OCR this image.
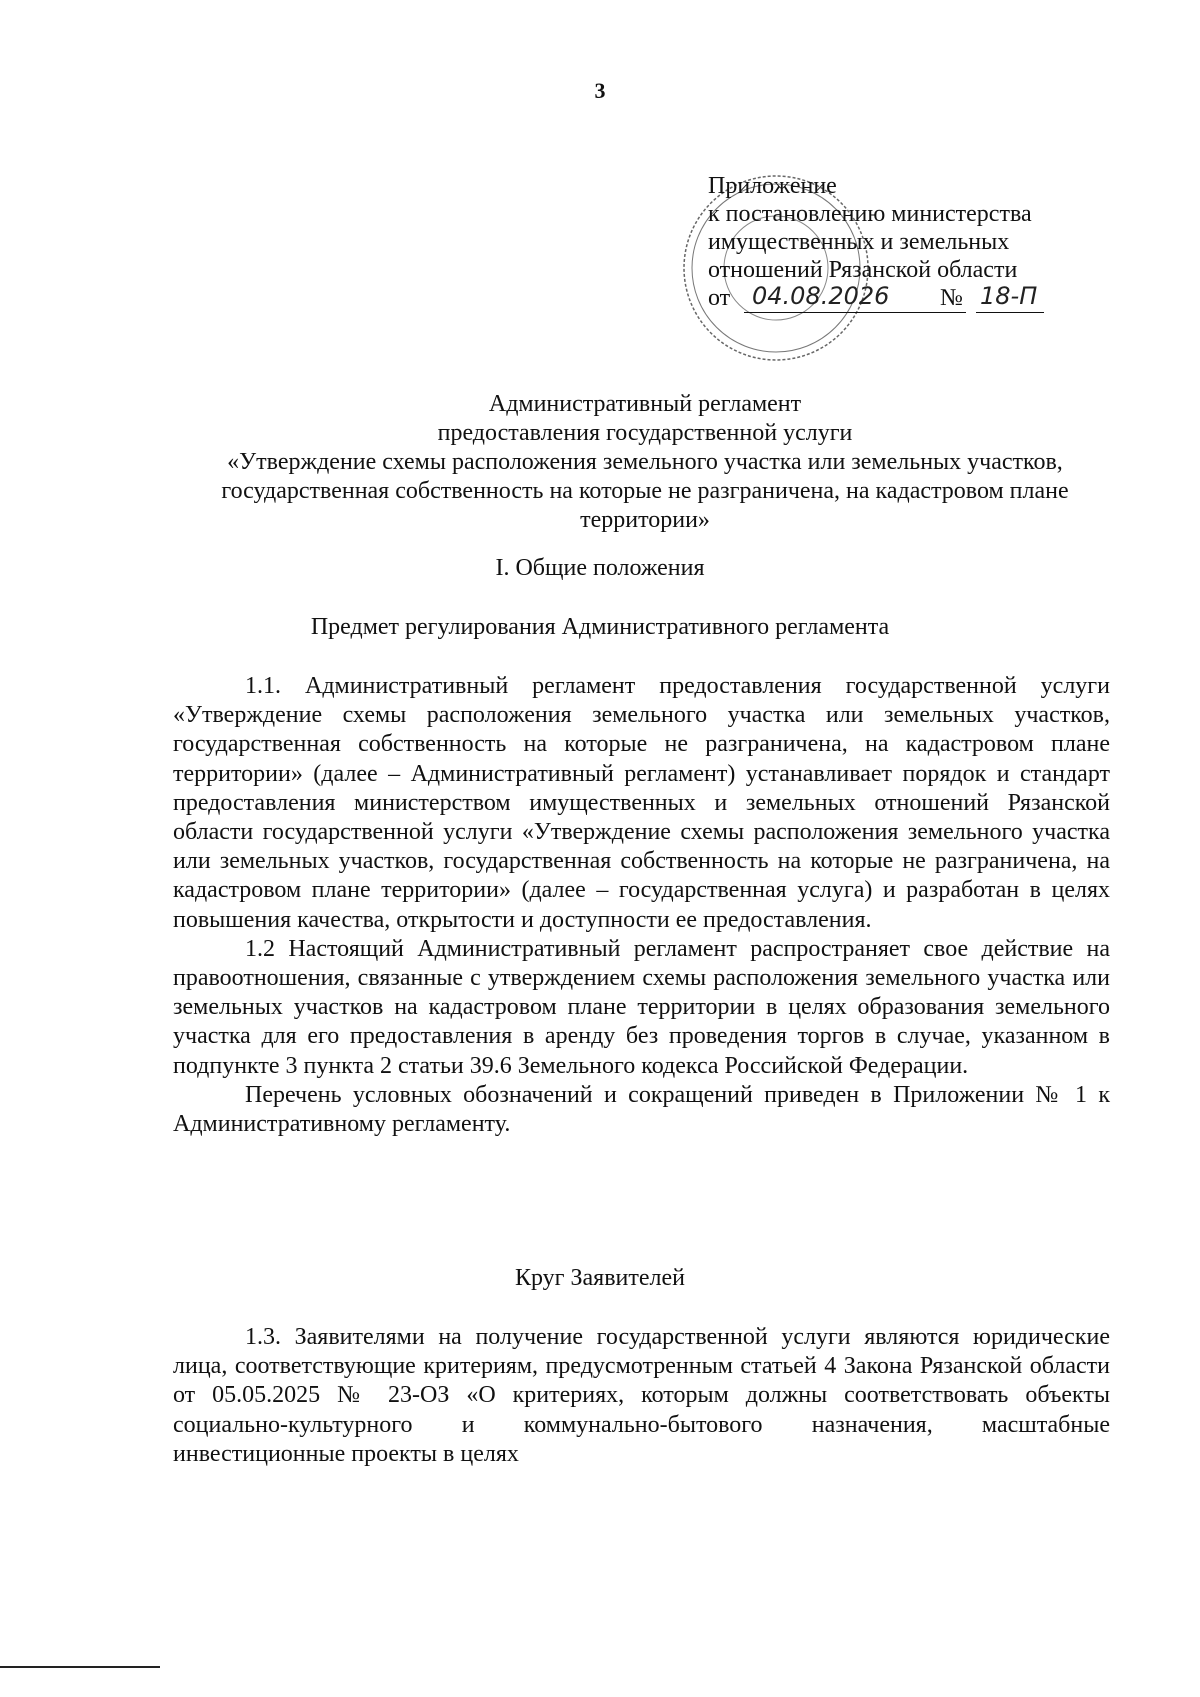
3
Приложение
к постановлению министерства
имущественных и земельных
отношений Рязанской области
от 04.08.2026 № 18-П
Административный регламент
предоставления государственной услуги
«Утверждение схемы расположения земельного участка или земельных участков, государственная собственность на которые не разграничена, на кадастровом плане территории»
I. Общие положения
Предмет регулирования Административного регламента

1.1. Административный регламент предоставления государственной услуги «Утверждение схемы расположения земельного участка или земельных участков, государственная собственность на которые не разграничена, на кадастровом плане территории» (далее – Административный регламент) устанавливает порядок и стандарт предоставления министерством имущественных и земельных отношений Рязанской области государственной услуги «Утверждение схемы расположения земельного участка или земельных участков, государственная собственность на которые не разграничена, на кадастровом плане территории» (далее – государственная услуга) и разработан в целях повышения качества, открытости и доступности ее предоставления.

1.2 Настоящий Административный регламент распространяет свое действие на правоотношения, связанные с утверждением схемы расположения земельного участка или земельных участков на кадастровом плане территории в целях образования земельного участка для его предоставления в аренду без проведения торгов в случае, указанном в подпункте 3 пункта 2 статьи 39.6 Земельного кодекса Российской Федерации.

Перечень условных обозначений и сокращений приведен в Приложении № 1 к Административному регламенту.

Круг Заявителей

1.3. Заявителями на получение государственной услуги являются юридические лица, соответствующие критериям, предусмотренным статьей 4 Закона Рязанской области от 05.05.2025 № 23-ОЗ «О критериях, которым должны соответствовать объекты социально-культурного и коммунально-бытового назначения, масштабные инвестиционные проекты в целях
